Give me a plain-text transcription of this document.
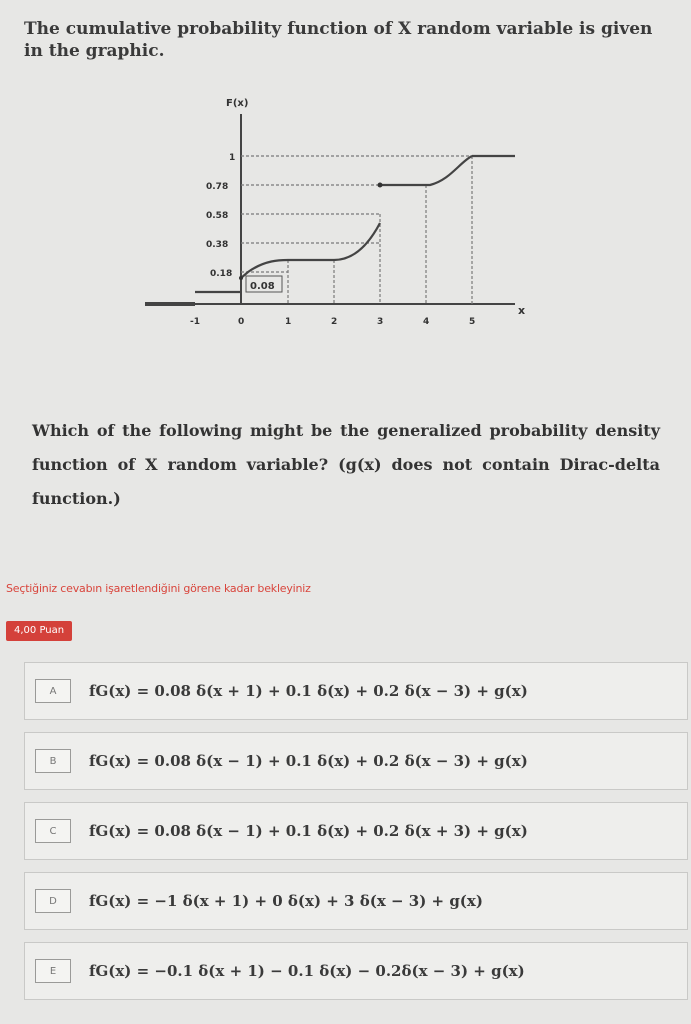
The cumulative probability function of X random variable is given in the graphic.
0.08
F(x)
x
1
0.78
0.58
0.38
0.18
-1	0	1	2	3	4	5
Which of the following might be the generalized probability density function of X random variable? (g(x) does not contain Dirac-delta function.)
Seçtiğiniz cevabın işaretlendiğini görene kadar bekleyiniz
4,00 Puan
A	fG(x) = 0.08 δ(x + 1) + 0.1 δ(x) + 0.2 δ(x − 3) + g(x)
B	fG(x) = 0.08 δ(x − 1) + 0.1 δ(x) + 0.2 δ(x − 3) + g(x)
C	fG(x) = 0.08 δ(x − 1) + 0.1 δ(x) + 0.2 δ(x + 3) + g(x)
D	fG(x) = −1 δ(x + 1) + 0 δ(x) + 3 δ(x − 3) + g(x)
E	fG(x) = −0.1 δ(x + 1) − 0.1 δ(x) − 0.2δ(x − 3) + g(x)
